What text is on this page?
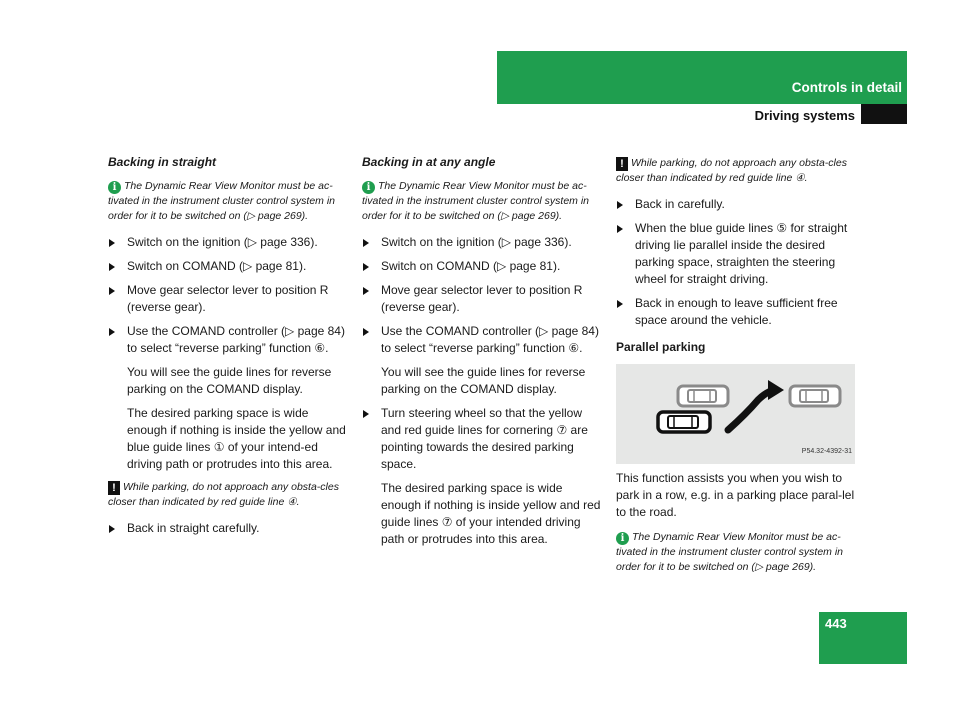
Controls in detail
Driving systems

Backing in straight

i The Dynamic Rear View Monitor must be ac-tivated in the instrument cluster control system in order for it to be switched on (▷ page 269).

Switch on the ignition (▷ page 336).

Switch on COMAND (▷ page 81).

Move gear selector lever to position R (reverse gear).

Use the COMAND controller (▷ page 84) to select “reverse parking” function ⑥.

You will see the guide lines for reverse parking on the COMAND display.

The desired parking space is wide enough if nothing is inside the yellow and blue guide lines ① of your intend-ed driving path or protrudes into this area.

! While parking, do not approach any obsta-cles closer than indicated by red guide line ④.

Back in straight carefully.

Backing in at any angle

i The Dynamic Rear View Monitor must be ac-tivated in the instrument cluster control system in order for it to be switched on (▷ page 269).

Switch on the ignition (▷ page 336).

Switch on COMAND (▷ page 81).

Move gear selector lever to position R (reverse gear).

Use the COMAND controller (▷ page 84) to select “reverse parking” function ⑥.

You will see the guide lines for reverse parking on the COMAND display.

Turn steering wheel so that the yellow and red guide lines for cornering ⑦ are pointing towards the desired parking space.

The desired parking space is wide enough if nothing is inside yellow and red guide lines ⑦ of your intended driving path or protrudes into this area.

! While parking, do not approach any obsta-cles closer than indicated by red guide line ④.

Back in carefully.

When the blue guide lines ⑤ for straight driving lie parallel inside the desired parking space, straighten the steering wheel for straight driving.

Back in enough to leave sufficient free space around the vehicle.

Parallel parking

P54.32-4392-31

This function assists you when you wish to park in a row, e.g. in a parking place paral-lel to the road.

i The Dynamic Rear View Monitor must be ac-tivated in the instrument cluster control system in order for it to be switched on (▷ page 269).

443
